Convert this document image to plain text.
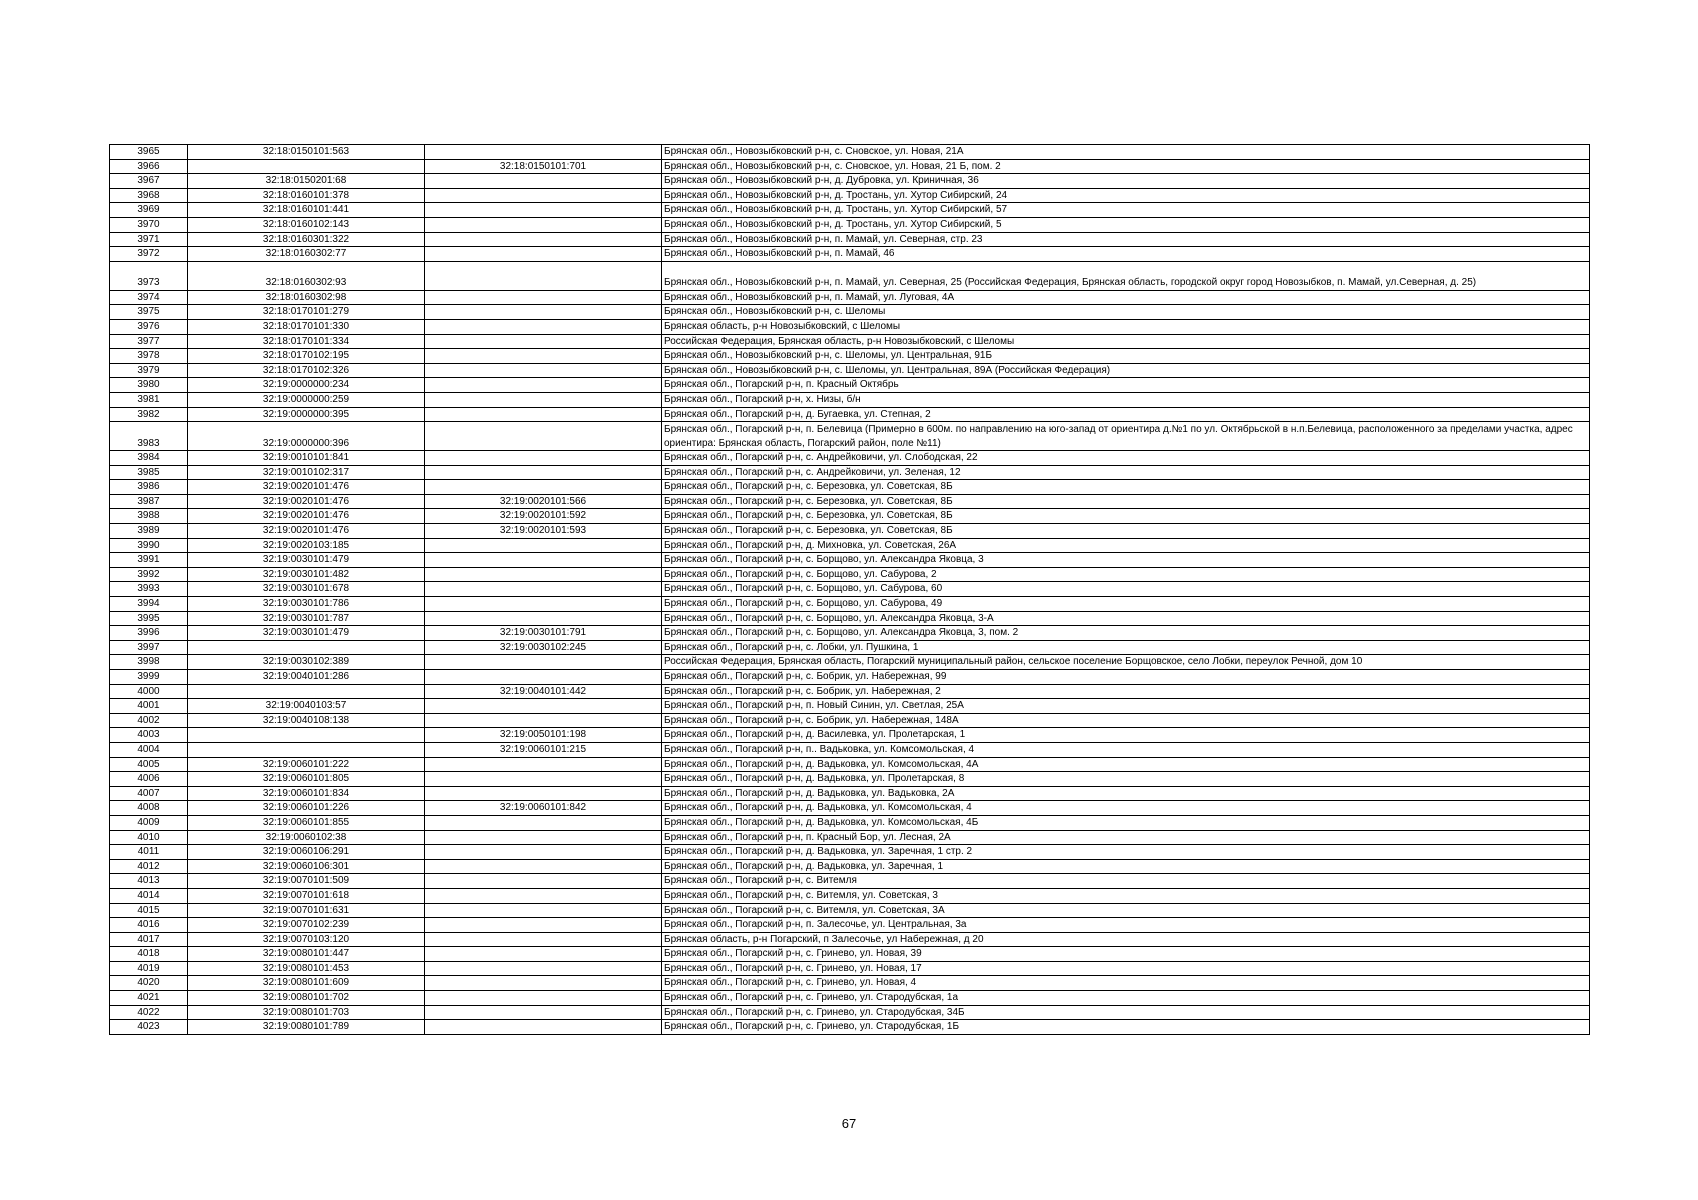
3965	32:18:0150101:563		Брянская обл., Новозыбковский р-н, с. Сновское, ул. Новая, 21А
3966		32:18:0150101:701	Брянская обл., Новозыбковский р-н, с. Сновское, ул. Новая, 21 Б, пом. 2
3967	32:18:0150201:68		Брянская обл., Новозыбковский р-н, д. Дубровка, ул. Криничная, 36
3968	32:18:0160101:378		Брянская обл., Новозыбковский р-н, д. Тростань, ул. Хутор Сибирский, 24
3969	32:18:0160101:441		Брянская обл., Новозыбковский р-н, д. Тростань, ул. Хутор Сибирский, 57
3970	32:18:0160102:143		Брянская обл., Новозыбковский р-н, д. Тростань, ул. Хутор Сибирский, 5
3971	32:18:0160301:322		Брянская обл., Новозыбковский р-н, п. Мамай, ул. Северная, стр. 23
3972	32:18:0160302:77		Брянская обл., Новозыбковский р-н, п. Мамай, 46
3973	32:18:0160302:93		Брянская обл., Новозыбковский р-н, п. Мамай, ул. Северная, 25 (Российская Федерация, Брянская область, городской округ город Новозыбков, п. Мамай, ул.Северная, д. 25)
3974	32:18:0160302:98		Брянская обл., Новозыбковский р-н, п. Мамай, ул. Луговая, 4А
3975	32:18:0170101:279		Брянская обл., Новозыбковский р-н, с. Шеломы
3976	32:18:0170101:330		Брянская область, р-н Новозыбковский, с Шеломы
3977	32:18:0170101:334		Российская Федерация, Брянская область, р-н Новозыбковский, с Шеломы
3978	32:18:0170102:195		Брянская обл., Новозыбковский р-н, с. Шеломы, ул. Центральная, 91Б
3979	32:18:0170102:326		Брянская обл., Новозыбковский р-н, с. Шеломы, ул. Центральная, 89А (Российская Федерация)
3980	32:19:0000000:234		Брянская обл., Погарский р-н, п. Красный Октябрь
3981	32:19:0000000:259		Брянская обл., Погарский р-н, х. Низы, б/н
3982	32:19:0000000:395		Брянская обл., Погарский р-н, д. Бугаевка, ул. Степная, 2
3983	32:19:0000000:396		Брянская обл., Погарский р-н, п. Белевица (Примерно в 600м. по направлению на юго-запад от ориентира д.№1 по ул. Октябрьской в н.п.Белевица, расположенного за пределами участка, адрес ориентира: Брянская область, Погарский район, поле №11)
3984	32:19:0010101:841		Брянская обл., Погарский р-н, с. Андрейковичи, ул. Слободская, 22
3985	32:19:0010102:317		Брянская обл., Погарский р-н, с. Андрейковичи, ул. Зеленая, 12
3986	32:19:0020101:476		Брянская обл., Погарский р-н, с. Березовка, ул. Советская, 8Б
3987	32:19:0020101:476	32:19:0020101:566	Брянская обл., Погарский р-н, с. Березовка, ул. Советская, 8Б
3988	32:19:0020101:476	32:19:0020101:592	Брянская обл., Погарский р-н, с. Березовка, ул. Советская, 8Б
3989	32:19:0020101:476	32:19:0020101:593	Брянская обл., Погарский р-н, с. Березовка, ул. Советская, 8Б
3990	32:19:0020103:185		Брянская обл., Погарский р-н, д. Михновка, ул. Советская, 26А
3991	32:19:0030101:479		Брянская обл., Погарский р-н, с. Борщово, ул. Александра Яковца, 3
3992	32:19:0030101:482		Брянская обл., Погарский р-н, с. Борщово, ул. Сабурова, 2
3993	32:19:0030101:678		Брянская обл., Погарский р-н, с. Борщово, ул. Сабурова, 60
3994	32:19:0030101:786		Брянская обл., Погарский р-н, с. Борщово, ул. Сабурова, 49
3995	32:19:0030101:787		Брянская обл., Погарский р-н, с. Борщово, ул. Александра Яковца, 3-А
3996	32:19:0030101:479	32:19:0030101:791	Брянская обл., Погарский р-н, с. Борщово, ул. Александра Яковца, 3, пом. 2
3997		32:19:0030102:245	Брянская обл., Погарский р-н, с. Лобки, ул. Пушкина, 1
3998	32:19:0030102:389		Российская Федерация, Брянская область, Погарский муниципальный район, сельское поселение Борщовское, село Лобки, переулок Речной, дом 10
3999	32:19:0040101:286		Брянская обл., Погарский р-н, с. Бобрик, ул. Набережная, 99
4000		32:19:0040101:442	Брянская обл., Погарский р-н, с. Бобрик, ул. Набережная, 2
4001	32:19:0040103:57		Брянская обл., Погарский р-н, п. Новый Синин, ул. Светлая, 25А
4002	32:19:0040108:138		Брянская обл., Погарский р-н, с. Бобрик, ул. Набережная, 148А
4003		32:19:0050101:198	Брянская обл., Погарский р-н, д. Василевка, ул. Пролетарская, 1
4004		32:19:0060101:215	Брянская обл., Погарский р-н, п.. Вадьковка, ул. Комсомольская, 4
4005	32:19:0060101:222		Брянская обл., Погарский р-н, д. Вадьковка, ул. Комсомольская, 4А
4006	32:19:0060101:805		Брянская обл., Погарский р-н, д. Вадьковка, ул. Пролетарская, 8
4007	32:19:0060101:834		Брянская обл., Погарский р-н, д. Вадьковка, ул. Вадьковка, 2А
4008	32:19:0060101:226	32:19:0060101:842	Брянская обл., Погарский р-н, д. Вадьковка, ул. Комсомольская, 4
4009	32:19:0060101:855		Брянская обл., Погарский р-н, д. Вадьковка, ул. Комсомольская, 4Б
4010	32:19:0060102:38		Брянская обл., Погарский р-н, п. Красный Бор, ул. Лесная, 2А
4011	32:19:0060106:291		Брянская обл., Погарский р-н, д. Вадьковка, ул. Заречная, 1 стр. 2
4012	32:19:0060106:301		Брянская обл., Погарский р-н, д. Вадьковка, ул. Заречная, 1
4013	32:19:0070101:509		Брянская обл., Погарский р-н, с. Витемля
4014	32:19:0070101:618		Брянская обл., Погарский р-н, с. Витемля, ул. Советская, 3
4015	32:19:0070101:631		Брянская обл., Погарский р-н, с. Витемля, ул. Советская, 3А
4016	32:19:0070102:239		Брянская обл., Погарский р-н, п. Залесочье, ул. Центральная, 3а
4017	32:19:0070103:120		Брянская область, р-н Погарский, п Залесочье, ул Набережная, д 20
4018	32:19:0080101:447		Брянская обл., Погарский р-н, с. Гринево, ул. Новая, 39
4019	32:19:0080101:453		Брянская обл., Погарский р-н, с. Гринево, ул. Новая, 17
4020	32:19:0080101:609		Брянская обл., Погарский р-н, с. Гринево, ул. Новая, 4
4021	32:19:0080101:702		Брянская обл., Погарский р-н, с. Гринево, ул. Стародубская, 1а
4022	32:19:0080101:703		Брянская обл., Погарский р-н, с. Гринево, ул. Стародубская, 34Б
4023	32:19:0080101:789		Брянская обл., Погарский р-н, с. Гринево, ул. Стародубская, 1Б
67
